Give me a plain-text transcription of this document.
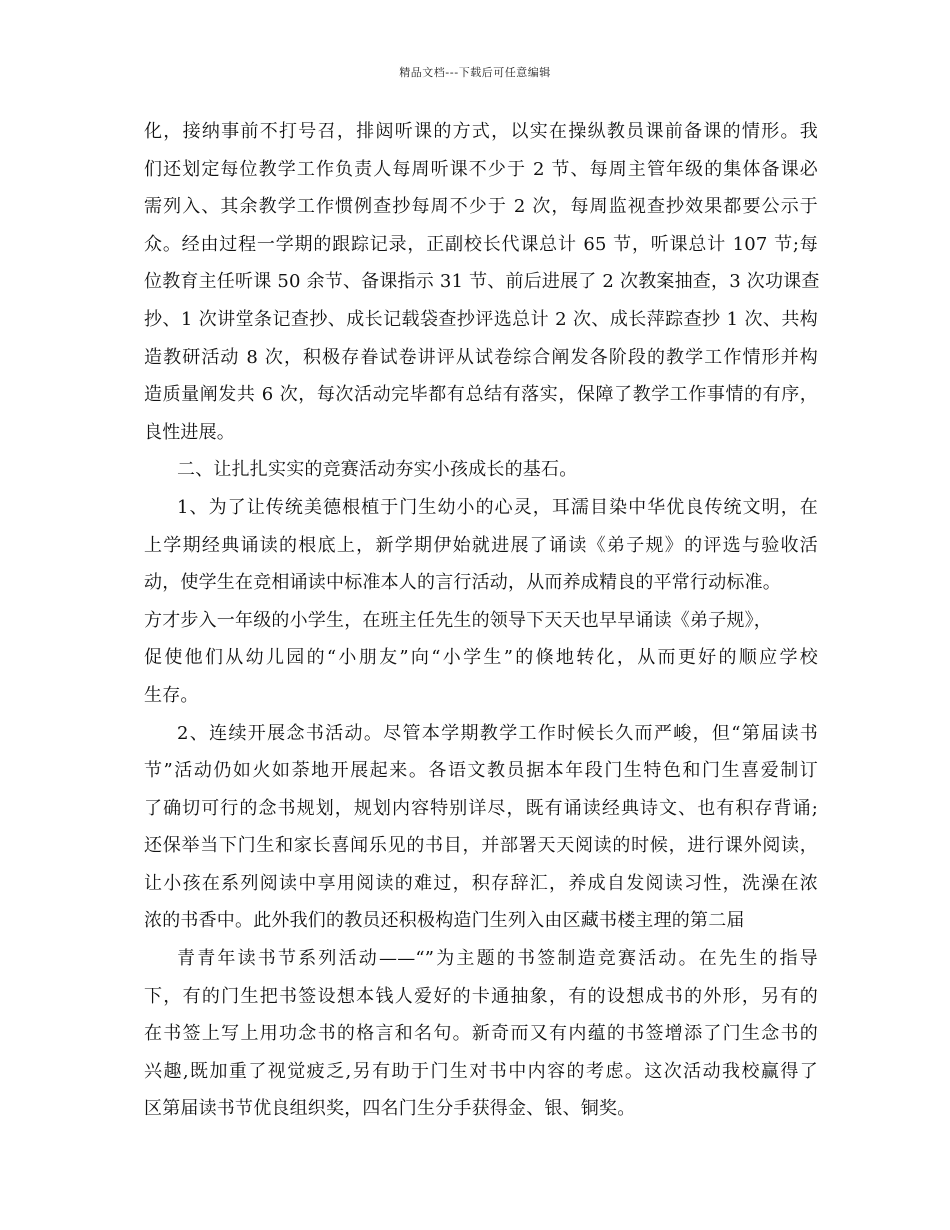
精品文档---下载后可任意编辑
化，接纳事前不打号召，排闼听课的方式，以实在操纵教员课前备课的情形。我
们还划定每位教学工作负责人每周听课不少于 2 节、每周主管年级的集体备课必
需列入、其余教学工作惯例查抄每周不少于 2 次，每周监视查抄效果都要公示于
众。经由过程一学期的跟踪记录，正副校长代课总计 65 节，听课总计 107 节;每
位教育主任听课 50 余节、备课指示 31 节、前后进展了 2 次教案抽查，3 次功课查
抄、1 次讲堂条记查抄、成长记载袋查抄评选总计 2 次、成长萍踪查抄 1 次、共构
造教研活动 8 次，积极存眷试卷讲评从试卷综合阐发各阶段的教学工作情形并构
造质量阐发共 6 次，每次活动完毕都有总结有落实，保障了教学工作事情的有序，
良性进展。
二、让扎扎实实的竞赛活动夯实小孩成长的基石。
1、为了让传统美德根植于门生幼小的心灵，耳濡目染中华优良传统文明，在
上学期经典诵读的根底上，新学期伊始就进展了诵读《弟子规》的评选与验收活
动，使学生在竞相诵读中标准本人的言行活动，从而养成精良的平常行动标准。
方才步入一年级的小学生，在班主任先生的领导下天天也早早诵读《弟子规》，
促使他们从幼儿园的“小朋友”向“小学生”的倏地转化，从而更好的顺应学校
生存。
2、连续开展念书活动。尽管本学期教学工作时候长久而严峻，但“第届读书
节”活动仍如火如荼地开展起来。各语文教员据本年段门生特色和门生喜爱制订
了确切可行的念书规划，规划内容特别详尽，既有诵读经典诗文、也有积存背诵;
还保举当下门生和家长喜闻乐见的书目，并部署天天阅读的时候，进行课外阅读，
让小孩在系列阅读中享用阅读的难过，积存辞汇，养成自发阅读习性，洗澡在浓
浓的书香中。此外我们的教员还积极构造门生列入由区藏书楼主理的第二届
青青年读书节系列活动——“”为主题的书签制造竞赛活动。在先生的指导
下，有的门生把书签设想本钱人爱好的卡通抽象，有的设想成书的外形，另有的
在书签上写上用功念书的格言和名句。新奇而又有内蕴的书签增添了门生念书的
兴趣,既加重了视觉疲乏,另有助于门生对书中内容的考虑。这次活动我校赢得了
区第届读书节优良组织奖，四名门生分手获得金、银、铜奖。
